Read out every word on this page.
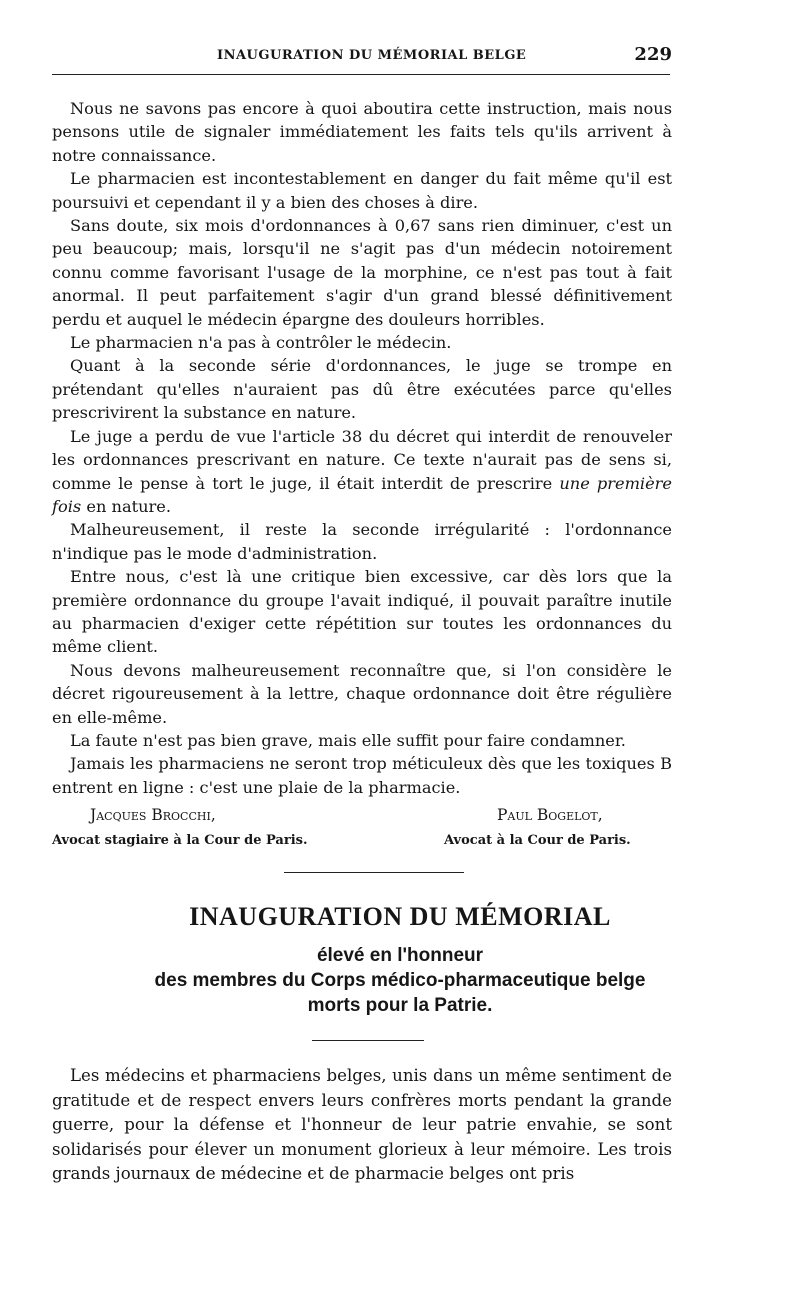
INAUGURATION DU MÉMORIAL BELGE	229

Nous ne savons pas encore à quoi aboutira cette instruction, mais nous pensons utile de signaler immédiatement les faits tels qu'ils arrivent à notre connaissance.

Le pharmacien est incontestablement en danger du fait même qu'il est poursuivi et cependant il y a bien des choses à dire.

Sans doute, six mois d'ordonnances à 0,67 sans rien diminuer, c'est un peu beaucoup; mais, lorsqu'il ne s'agit pas d'un médecin notoirement connu comme favorisant l'usage de la morphine, ce n'est pas tout à fait anormal. Il peut parfaitement s'agir d'un grand blessé définitivement perdu et auquel le médecin épargne des douleurs horribles.

Le pharmacien n'a pas à contrôler le médecin.

Quant à la seconde série d'ordonnances, le juge se trompe en prétendant qu'elles n'auraient pas dû être exécutées parce qu'elles prescrivirent la substance en nature.

Le juge a perdu de vue l'article 38 du décret qui interdit de renouveler les ordonnances prescrivant en nature. Ce texte n'aurait pas de sens si, comme le pense à tort le juge, il était interdit de prescrire une première fois en nature.

Malheureusement, il reste la seconde irrégularité : l'ordonnance n'indique pas le mode d'administration.

Entre nous, c'est là une critique bien excessive, car dès lors que la première ordonnance du groupe l'avait indiqué, il pouvait paraître inutile au pharmacien d'exiger cette répétition sur toutes les ordonnances du même client.

Nous devons malheureusement reconnaître que, si l'on considère le décret rigoureusement à la lettre, chaque ordonnance doit être régulière en elle-même.

La faute n'est pas bien grave, mais elle suffit pour faire condamner.

Jamais les pharmaciens ne seront trop méticuleux dès que les toxiques B entrent en ligne : c'est une plaie de la pharmacie.

Jacques Brocchi,
Avocat stagiaire à la Cour de Paris.
Paul Bogelot,
Avocat à la Cour de Paris.
INAUGURATION DU MÉMORIAL
élevé en l'honneur
des membres du Corps médico-pharmaceutique belge
morts pour la Patrie.

Les médecins et pharmaciens belges, unis dans un même sentiment de gratitude et de respect envers leurs confrères morts pendant la grande guerre, pour la défense et l'honneur de leur patrie envahie, se sont solidarisés pour élever un monument glorieux à leur mémoire. Les trois grands journaux de médecine et de pharmacie belges ont pris
